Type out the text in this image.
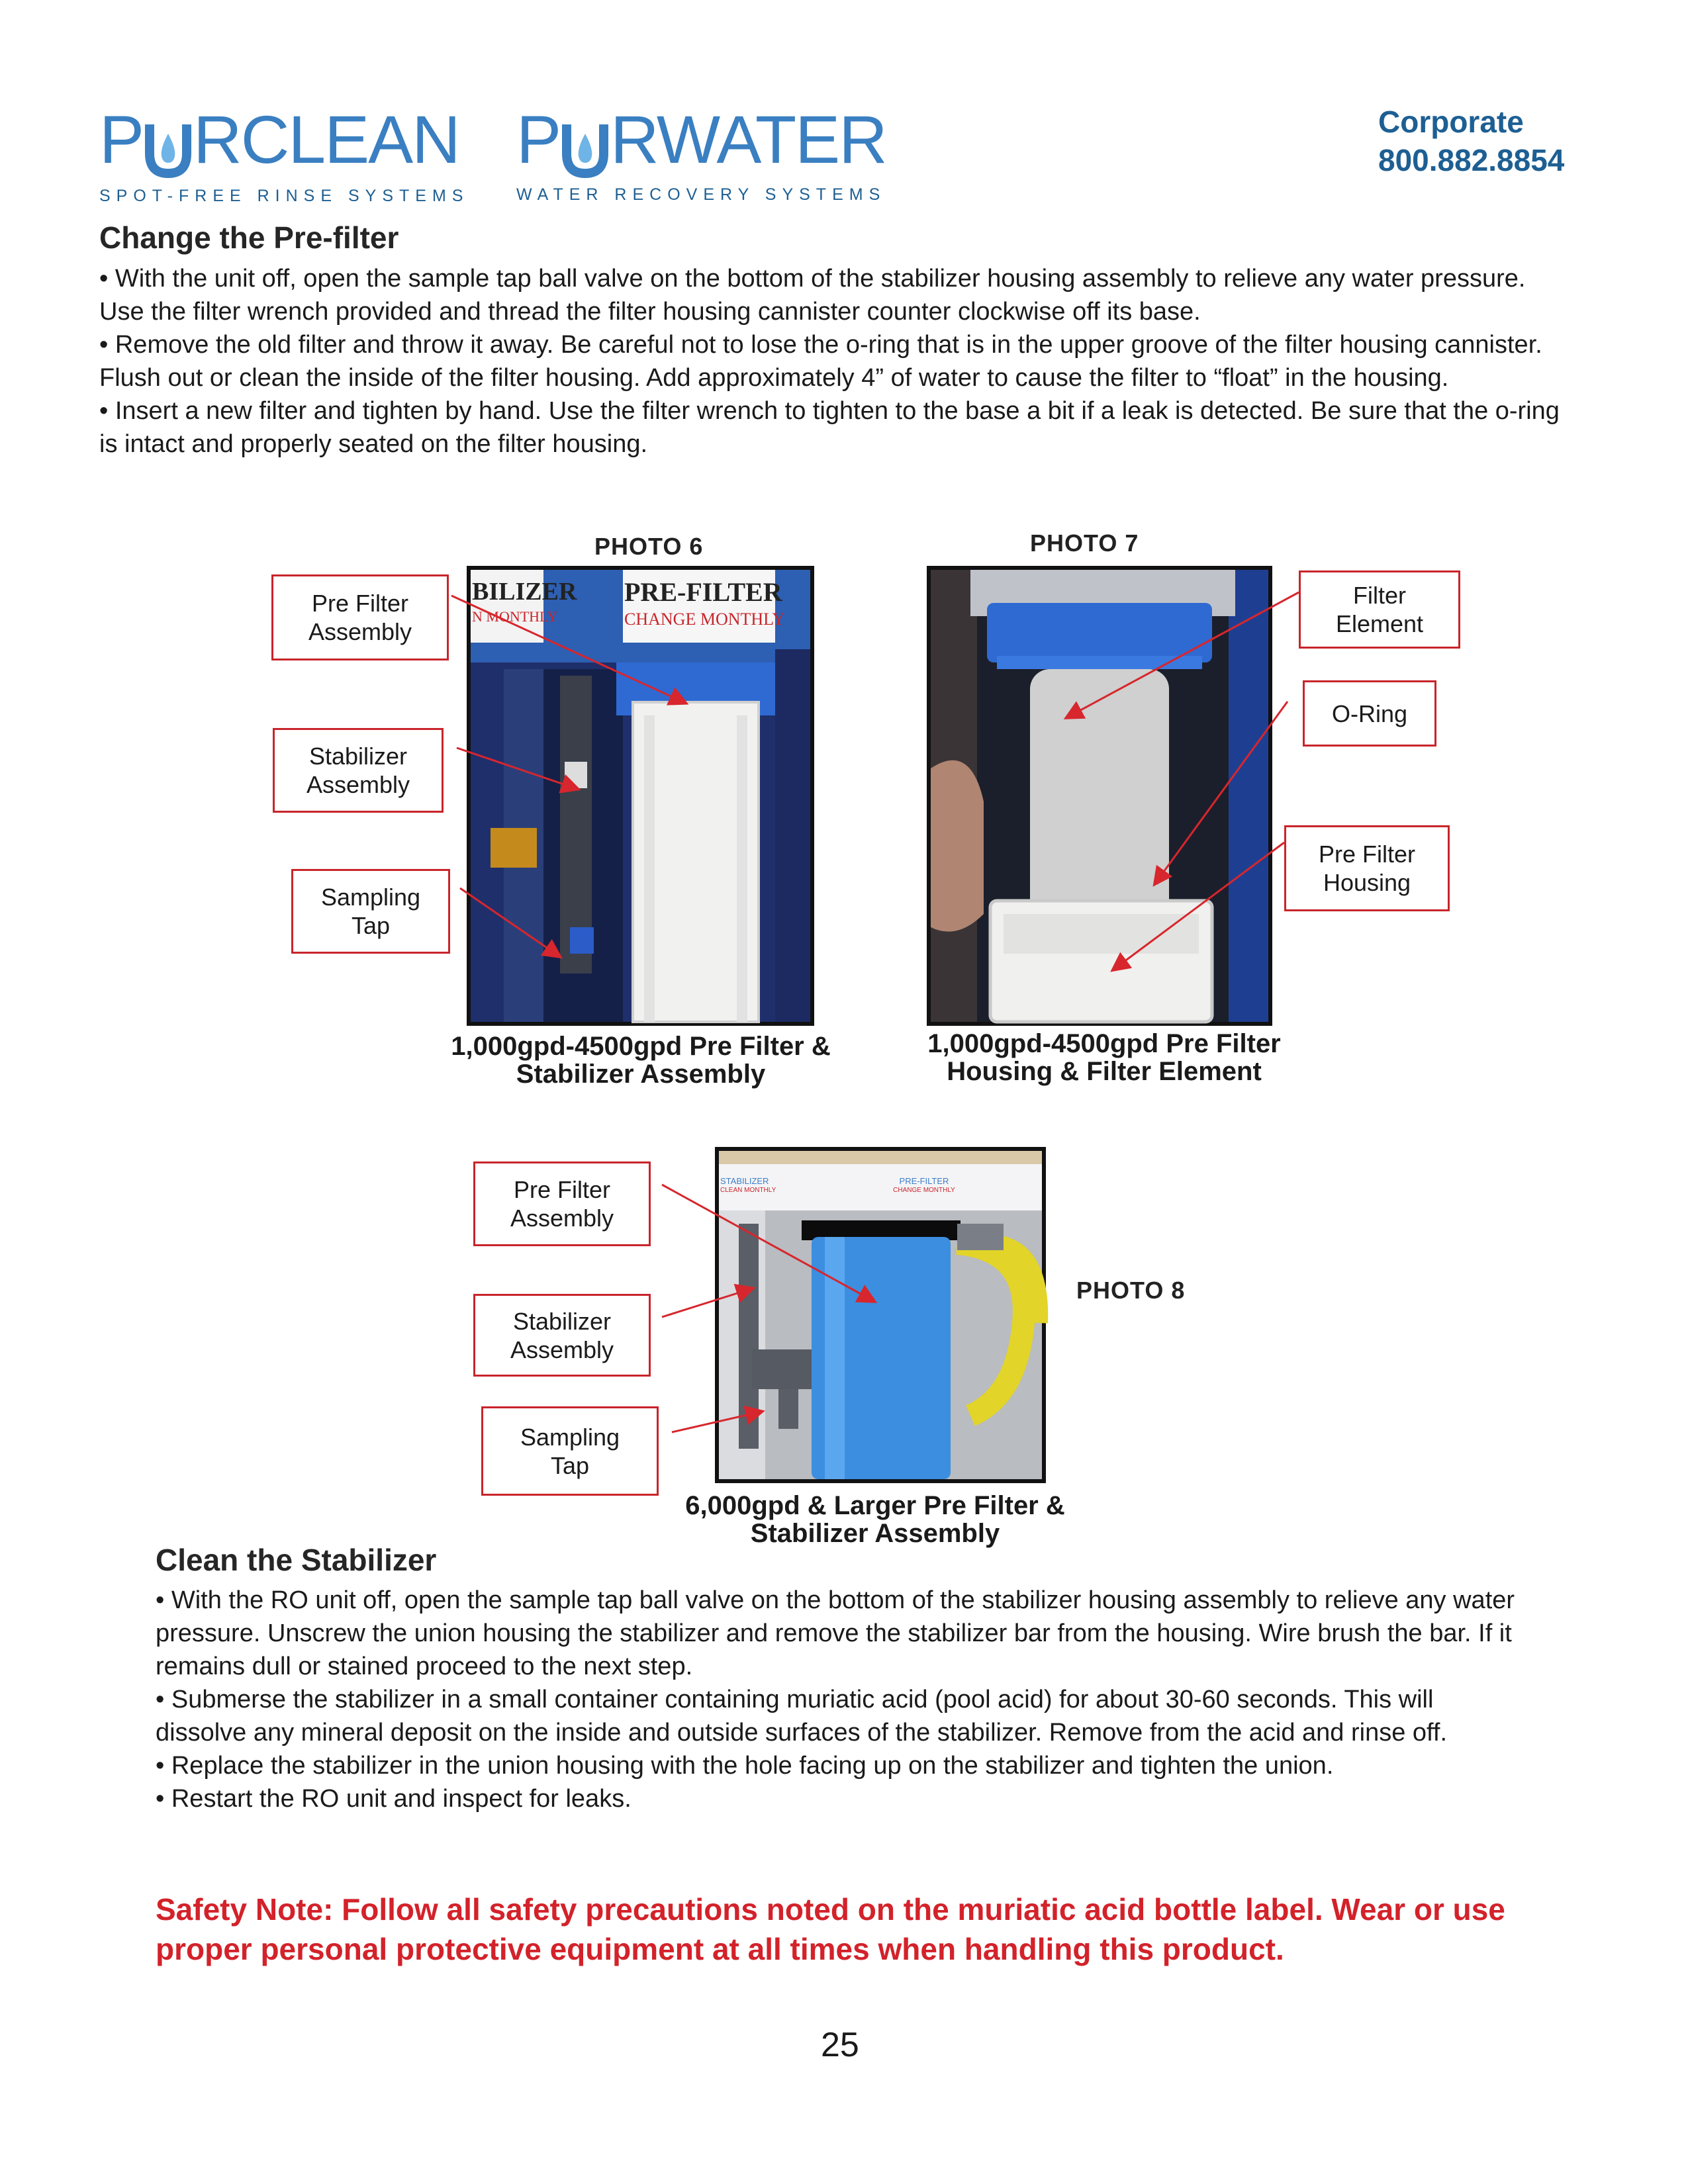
P RCLEAN
SPOT-FREE RINSE SYSTEMS
P RWATER
WATER RECOVERY SYSTEMS
Corporate
800.882.8854
Change the Pre-filter

• With the unit off, open the sample tap ball valve on the bottom of the stabilizer housing assembly to relieve any water pressure. Use the filter wrench provided and thread the filter housing cannister counter clockwise off its base.

• Remove the old filter and throw it away. Be careful not to lose the o-ring that is in the upper groove of the filter housing cannister. Flush out or clean the inside of the filter housing. Add approximately 4” of water to cause the filter to “float” in the housing.

• Insert a new filter and tighten by hand. Use the filter wrench to tighten to the base a bit if a leak is detected. Be sure that the o-ring is intact and properly seated on the filter housing.

PHOTO 6
BILIZER
N MONTHLY
PRE-FILTER
CHANGE MONTHLY
Pre Filter
Assembly
Stabilizer
Assembly
Sampling
Tap
1,000gpd-4500gpd Pre Filter &
Stabilizer Assembly
PHOTO 7
Filter
Element
O-Ring
Pre Filter
Housing
1,000gpd-4500gpd Pre Filter
Housing & Filter Element
STABILIZER
CLEAN MONTHLY
PRE-FILTER
CHANGE MONTHLY
Pre Filter
Assembly
Stabilizer
Assembly
Sampling
Tap
PHOTO 8
6,000gpd & Larger Pre Filter &
Stabilizer Assembly
Clean the Stabilizer

• With the RO unit off, open the sample tap ball valve on the bottom of the stabilizer housing assembly to relieve any water pressure. Unscrew the union housing the stabilizer and remove the stabilizer bar from the housing. Wire brush the bar. If it remains dull or stained proceed to the next step.

• Submerse the stabilizer in a small container containing muriatic acid (pool acid) for about 30-60 seconds. This will dissolve any mineral deposit on the inside and outside surfaces of the stabilizer. Remove from the acid and rinse off.

• Replace the stabilizer in the union housing with the hole facing up on the stabilizer and tighten the union.

• Restart the RO unit and inspect for leaks.

Safety Note: Follow all safety precautions noted on the muriatic acid bottle label. Wear or use proper personal protective equipment at all times when handling this product.
25
